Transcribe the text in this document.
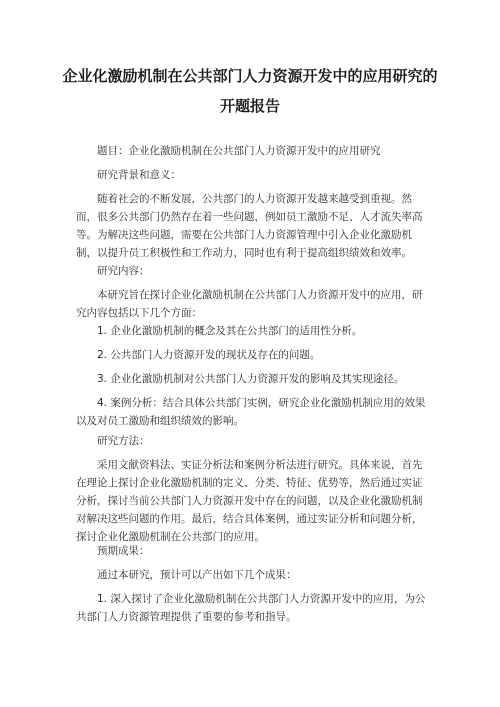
企业化激励机制在公共部门人力资源开发中的应用研究的
开题报告
题目：企业化激励机制在公共部门人力资源开发中的应用研究
研究背景和意义：
随着社会的不断发展，公共部门的人力资源开发越来越受到重视。然而，很多公共部门仍然存在着一些问题，例如员工激励不足、人才流失率高等。为解决这些问题，需要在公共部门人力资源管理中引入企业化激励机制，以提升员工积极性和工作动力，同时也有利于提高组织绩效和效率。
研究内容：
本研究旨在探讨企业化激励机制在公共部门人力资源开发中的应用，研究内容包括以下几个方面：
1. 企业化激励机制的概念及其在公共部门的适用性分析。
2. 公共部门人力资源开发的现状及存在的问题。
3. 企业化激励机制对公共部门人力资源开发的影响及其实现途径。
4. 案例分析：结合具体公共部门实例，研究企业化激励机制应用的效果以及对员工激励和组织绩效的影响。
研究方法：
采用文献资料法、实证分析法和案例分析法进行研究。具体来说，首先在理论上探讨企业化激励机制的定义、分类、特征、优势等，然后通过实证分析，探讨当前公共部门人力资源开发中存在的问题，以及企业化激励机制对解决这些问题的作用。最后，结合具体案例，通过实证分析和问题分析，探讨企业化激励机制在公共部门的应用。
预期成果：
通过本研究，预计可以产出如下几个成果：
1. 深入探讨了企业化激励机制在公共部门人力资源开发中的应用，为公共部门人力资源管理提供了重要的参考和指导。
